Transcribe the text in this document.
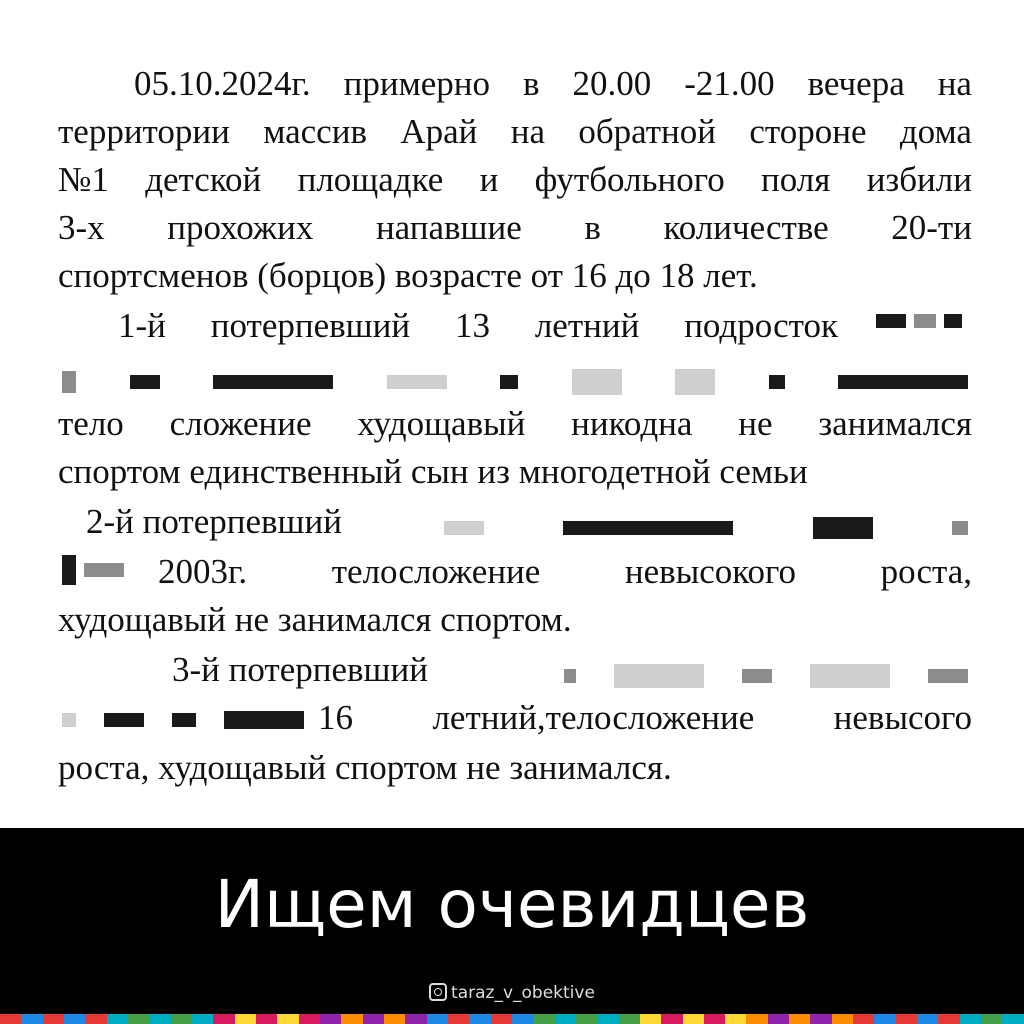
05.10.2024г. примерно в 20.00 -21.00 вечера на
территории массив Арай на обратной стороне дома
№1 детской площадке и футбольного поля избили
3-х прохожих напавшие в количестве 20-ти
спортсменов (борцов) возрасте от 16 до 18 лет.
1-й потерпевший 13 летний подросток
тело сложение худощавый никодна не занимался
спортом единственный сын из многодетной семьи
2-й потерпевший
2003г. телосложение невысокого роста,
худощавый не занимался спортом.
3-й потерпевший
16 летний,телосложение невысого
роста, худощавый спортом не занимался.
Ищем очевидцев
taraz_v_obektive
